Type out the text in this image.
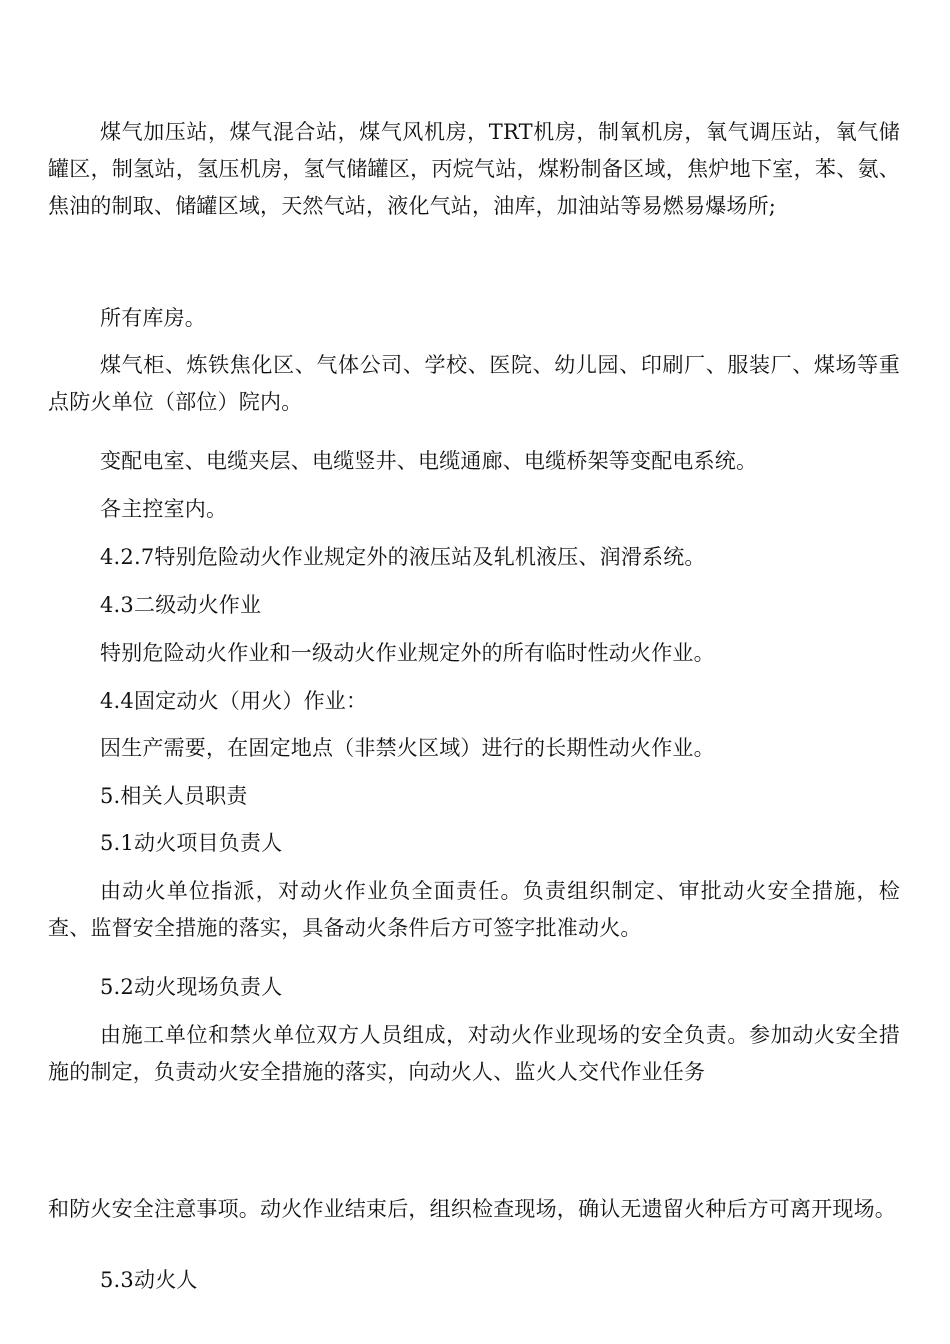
煤气加压站，煤气混合站，煤气风机房，TRT机房，制氧机房，氧气调压站，氧气储罐区，制氢站，氢压机房，氢气储罐区，丙烷气站，煤粉制备区域，焦炉地下室，苯、氨、焦油的制取、储罐区域，天然气站，液化气站，油库，加油站等易燃易爆场所;

所有库房。

煤气柜、炼铁焦化区、气体公司、学校、医院、幼儿园、印刷厂、服装厂、煤场等重点防火单位（部位）院内。

变配电室、电缆夹层、电缆竖井、电缆通廊、电缆桥架等变配电系统。

各主控室内。

4.2.7特别危险动火作业规定外的液压站及轧机液压、润滑系统。

4.3二级动火作业

特别危险动火作业和一级动火作业规定外的所有临时性动火作业。

4.4固定动火（用火）作业：

因生产需要，在固定地点（非禁火区域）进行的长期性动火作业。

5.相关人员职责

5.1动火项目负责人

由动火单位指派，对动火作业负全面责任。负责组织制定、审批动火安全措施，检查、监督安全措施的落实，具备动火条件后方可签字批准动火。

5.2动火现场负责人

由施工单位和禁火单位双方人员组成，对动火作业现场的安全负责。参加动火安全措施的制定，负责动火安全措施的落实，向动火人、监火人交代作业任务

和防火安全注意事项。动火作业结束后，组织检查现场，确认无遗留火种后方可离开现场。

5.3动火人
